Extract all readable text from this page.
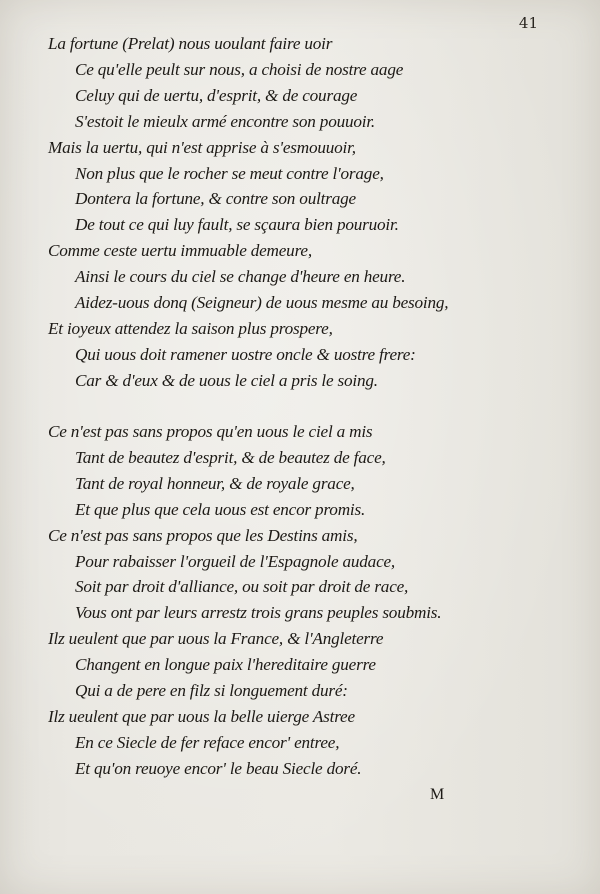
41
La fortune (Prelat) nous uoulant faire uoir
Ce qu'elle peult sur nous, a choisi de nostre aage
Celuy qui de uertu, d'esprit, & de courage
S'estoit le mieulx armé encontre son pouuoir.
Mais la uertu, qui n'est apprise à s'esmouuoir,
Non plus que le rocher se meut contre l'orage,
Dontera la fortune, & contre son oultrage
De tout ce qui luy fault, se sçaura bien pouruoir.
Comme ceste uertu immuable demeure,
Ainsi le cours du ciel se change d'heure en heure.
Aidez-uous donq (Seigneur) de uous mesme au besoing,
Et ioyeux attendez la saison plus prospere,
Qui uous doit ramener uostre oncle & uostre frere:
Car & d'eux & de uous le ciel a pris le soing.
Ce n'est pas sans propos qu'en uous le ciel a mis
Tant de beautez d'esprit, & de beautez de face,
Tant de royal honneur, & de royale grace,
Et que plus que cela uous est encor promis.
Ce n'est pas sans propos que les Destins amis,
Pour rabaisser l'orgueil de l'Espagnole audace,
Soit par droit d'alliance, ou soit par droit de race,
Vous ont par leurs arrestz trois grans peuples soubmis.
Ilz ueulent que par uous la France, & l'Angleterre
Changent en longue paix l'hereditaire guerre
Qui a de pere en filz si longuement duré:
Ilz ueulent que par uous la belle uierge Astree
En ce Siecle de fer reface encor' entree,
Et qu'on reuoye encor' le beau Siecle doré.
M
